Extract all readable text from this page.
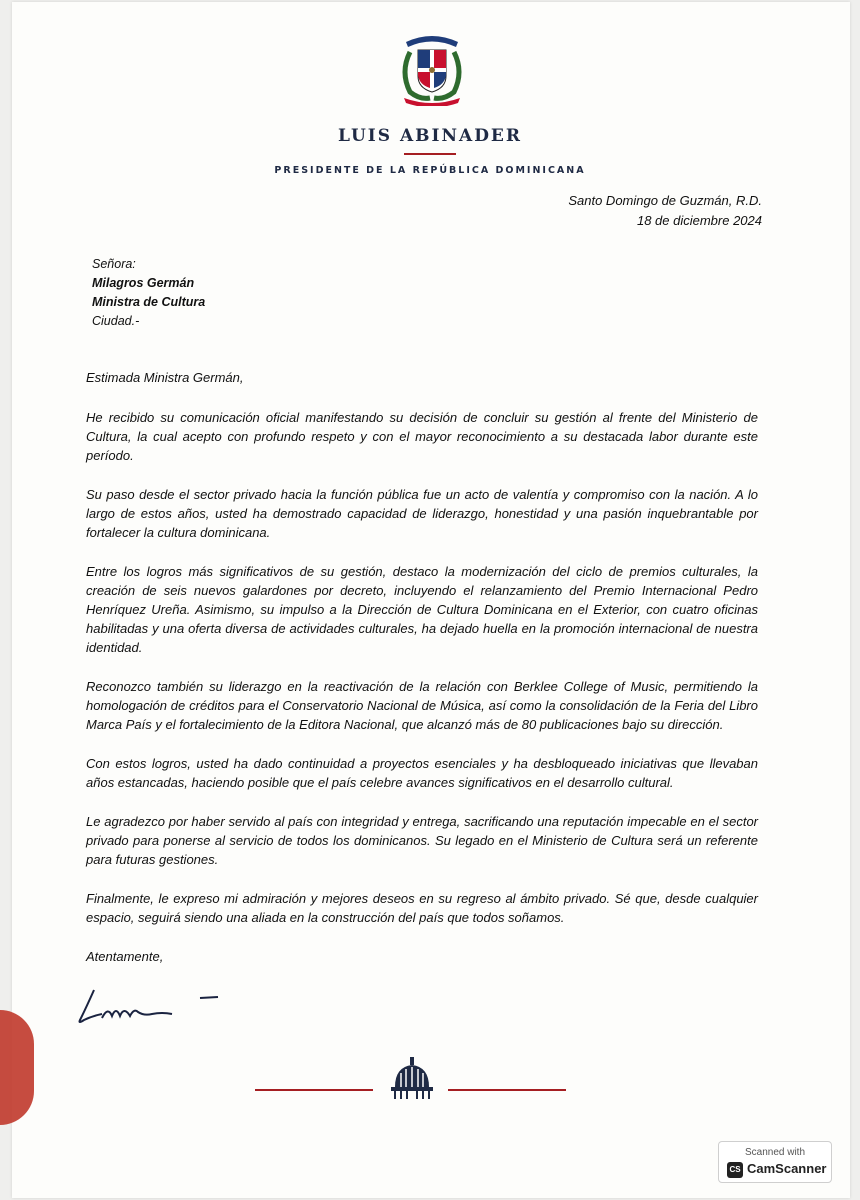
LUIS ABINADER
PRESIDENTE DE LA REPÚBLICA DOMINICANA
Santo Domingo de Guzmán, R.D.
18 de diciembre 2024
Señora:
Milagros Germán
Ministra de Cultura
Ciudad.-

Estimada Ministra Germán,

He recibido su comunicación oficial manifestando su decisión de concluir su gestión al frente del Ministerio de Cultura, la cual acepto con profundo respeto y con el mayor reconocimiento a su destacada labor durante este período.

Su paso desde el sector privado hacia la función pública fue un acto de valentía y compromiso con la nación. A lo largo de estos años, usted ha demostrado capacidad de liderazgo, honestidad y una pasión inquebrantable por fortalecer la cultura dominicana.

Entre los logros más significativos de su gestión, destaco la modernización del ciclo de premios culturales, la creación de seis nuevos galardones por decreto, incluyendo el relanzamiento del Premio Internacional Pedro Henríquez Ureña. Asimismo, su impulso a la Dirección de Cultura Dominicana en el Exterior, con cuatro oficinas habilitadas y una oferta diversa de actividades culturales, ha dejado huella en la promoción internacional de nuestra identidad.

Reconozco también su liderazgo en la reactivación de la relación con Berklee College of Music, permitiendo la homologación de créditos para el Conservatorio Nacional de Música, así como la consolidación de la Feria del Libro Marca País y el fortalecimiento de la Editora Nacional, que alcanzó más de 80 publicaciones bajo su dirección.

Con estos logros, usted ha dado continuidad a proyectos esenciales y ha desbloqueado iniciativas que llevaban años estancadas, haciendo posible que el país celebre avances significativos en el desarrollo cultural.

Le agradezco por haber servido al país con integridad y entrega, sacrificando una reputación impecable en el sector privado para ponerse al servicio de todos los dominicanos. Su legado en el Ministerio de Cultura será un referente para futuras gestiones.

Finalmente, le expreso mi admiración y mejores deseos en su regreso al ámbito privado. Sé que, desde cualquier espacio, seguirá siendo una aliada en la construcción del país que todos soñamos.

Atentamente,

Scanned with
CS CamScanner
